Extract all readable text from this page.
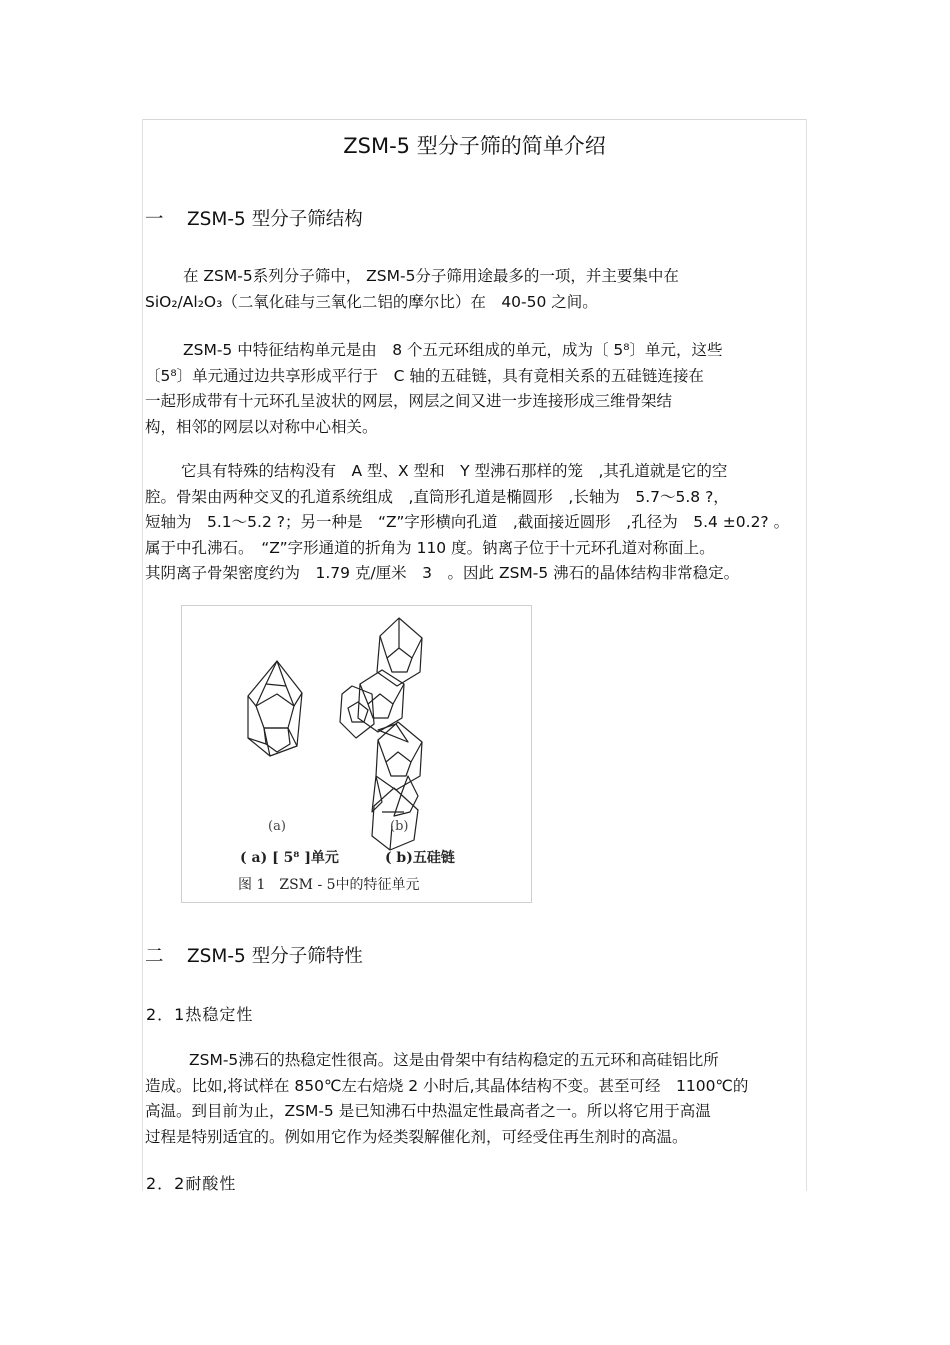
ZSM-5 型分子筛的简单介绍
一 ZSM-5 型分子筛结构
在 ZSM-5系列分子筛中， ZSM-5分子筛用途最多的一项，并主要集中在
SiO₂/Al₂O₃（二氧化硅与三氧化二铝的摩尔比）在　40-50 之间。
ZSM-5 中特征结构单元是由　8 个五元环组成的单元，成为〔 5⁸〕单元，这些
〔5⁸〕单元通过边共享形成平行于　C 轴的五硅链，具有竟相关系的五硅链连接在
一起形成带有十元环孔呈波状的网层，网层之间又进一步连接形成三维骨架结
构，相邻的网层以对称中心相关。
它具有特殊的结构没有　A 型、X 型和　Y 型沸石那样的笼　,其孔道就是它的空
腔。骨架由两种交叉的孔道系统组成　,直筒形孔道是椭圆形　,长轴为　5.7～5.8 ?，
短轴为　5.1～5.2 ?；另一种是　“Z”字形横向孔道　,截面接近圆形　,孔径为　5.4 ±0.2? 。
属于中孔沸石。　“Z”字形通道的折角为 110 度。钠离子位于十元环孔道对称面上。
其阴离子骨架密度约为　1.79 克/厘米　3　。因此 ZSM-5 沸石的晶体结构非常稳定。
(a)	(b)
( a) [ 5⁸ ]单元	( b)五硅链
图 1　ZSM - 5中的特征单元
二 ZSM-5 型分子筛特性
2．1热稳定性
ZSM-5沸石的热稳定性很高。这是由骨架中有结构稳定的五元环和高硅铝比所
造成。比如,将试样在 850℃左右焙烧 2 小时后,其晶体结构不变。甚至可经　1100℃的
高温。到目前为止，ZSM-5 是已知沸石中热温定性最高者之一。所以将它用于高温
过程是特别适宜的。例如用它作为烃类裂解催化剂，可经受住再生剂时的高温。
2．2耐酸性
